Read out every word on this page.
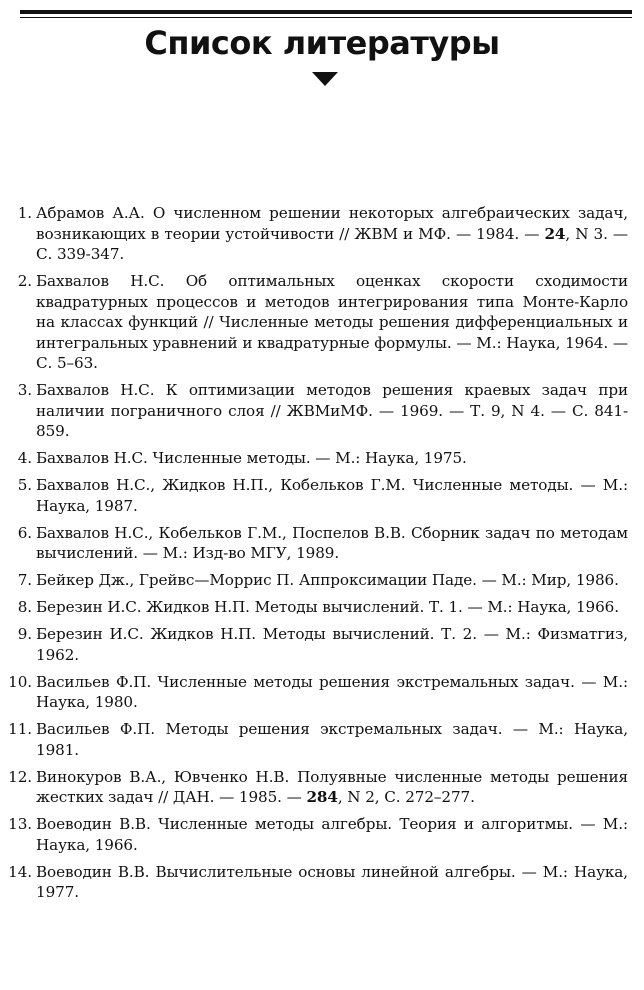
Список литературы
1. Абрамов А.А. О численном решении некоторых алгебраических задач, возникающих в теории устойчивости // ЖВМ и МФ. — 1984. — 24, N 3. — С. 339-347.
2. Бахвалов Н.С. Об оптимальных оценках скорости сходимости квадратурных процессов и методов интегрирования типа Монте-Карло на классах функций // Численные методы решения дифференциальных и интегральных уравнений и квадратурные формулы. — М.: Наука, 1964. — С. 5–63.
3. Бахвалов Н.С. К оптимизации методов решения краевых задач при наличии пограничного слоя // ЖВМиМФ. — 1969. — Т. 9, N 4. — С. 841-859.
4. Бахвалов Н.С. Численные методы. — М.: Наука, 1975.
5. Бахвалов Н.С., Жидков Н.П., Кобельков Г.М. Численные методы. — М.: Наука, 1987.
6. Бахвалов Н.С., Кобельков Г.М., Поспелов В.В. Сборник задач по методам вычислений. — М.: Изд-во МГУ, 1989.
7. Бейкер Дж., Грейвс—Моррис П. Аппроксимации Паде. — М.: Мир, 1986.
8. Березин И.С. Жидков Н.П. Методы вычислений. Т. 1. — М.: Наука, 1966.
9. Березин И.С. Жидков Н.П. Методы вычислений. Т. 2. — М.: Физматгиз, 1962.
10. Васильев Ф.П. Численные методы решения экстремальных задач. — М.: Наука, 1980.
11. Васильев Ф.П. Методы решения экстремальных задач. — М.: Наука, 1981.
12. Винокуров В.А., Ювченко Н.В. Полуявные численные методы решения жестких задач // ДАН. — 1985. — 284, N 2, С. 272–277.
13. Воеводин В.В. Численные методы алгебры. Теория и алгоритмы. — М.: Наука, 1966.
14. Воеводин В.В. Вычислительные основы линейной алгебры. — М.: Наука, 1977.
